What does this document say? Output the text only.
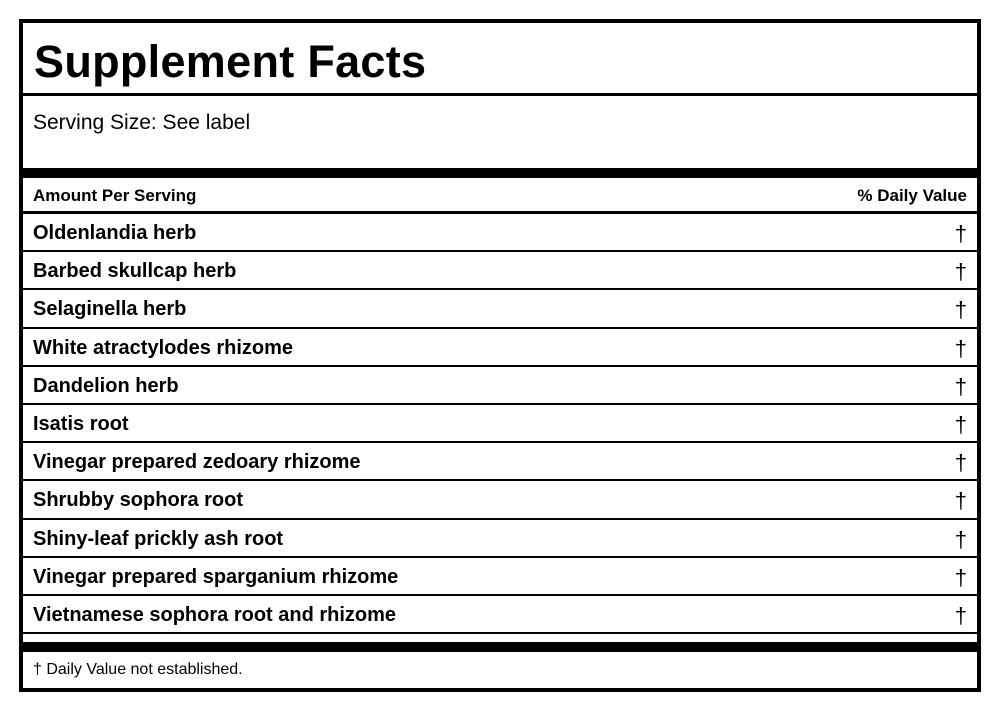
Supplement Facts
Serving Size: See label
Amount Per Serving	% Daily Value
Oldenlandia herb	†
Barbed skullcap herb	†
Selaginella herb	†
White atractylodes rhizome	†
Dandelion herb	†
Isatis root	†
Vinegar prepared zedoary rhizome	†
Shrubby sophora root	†
Shiny-leaf prickly ash root	†
Vinegar prepared sparganium rhizome	†
Vietnamese sophora root and rhizome	†
† Daily Value not established.
